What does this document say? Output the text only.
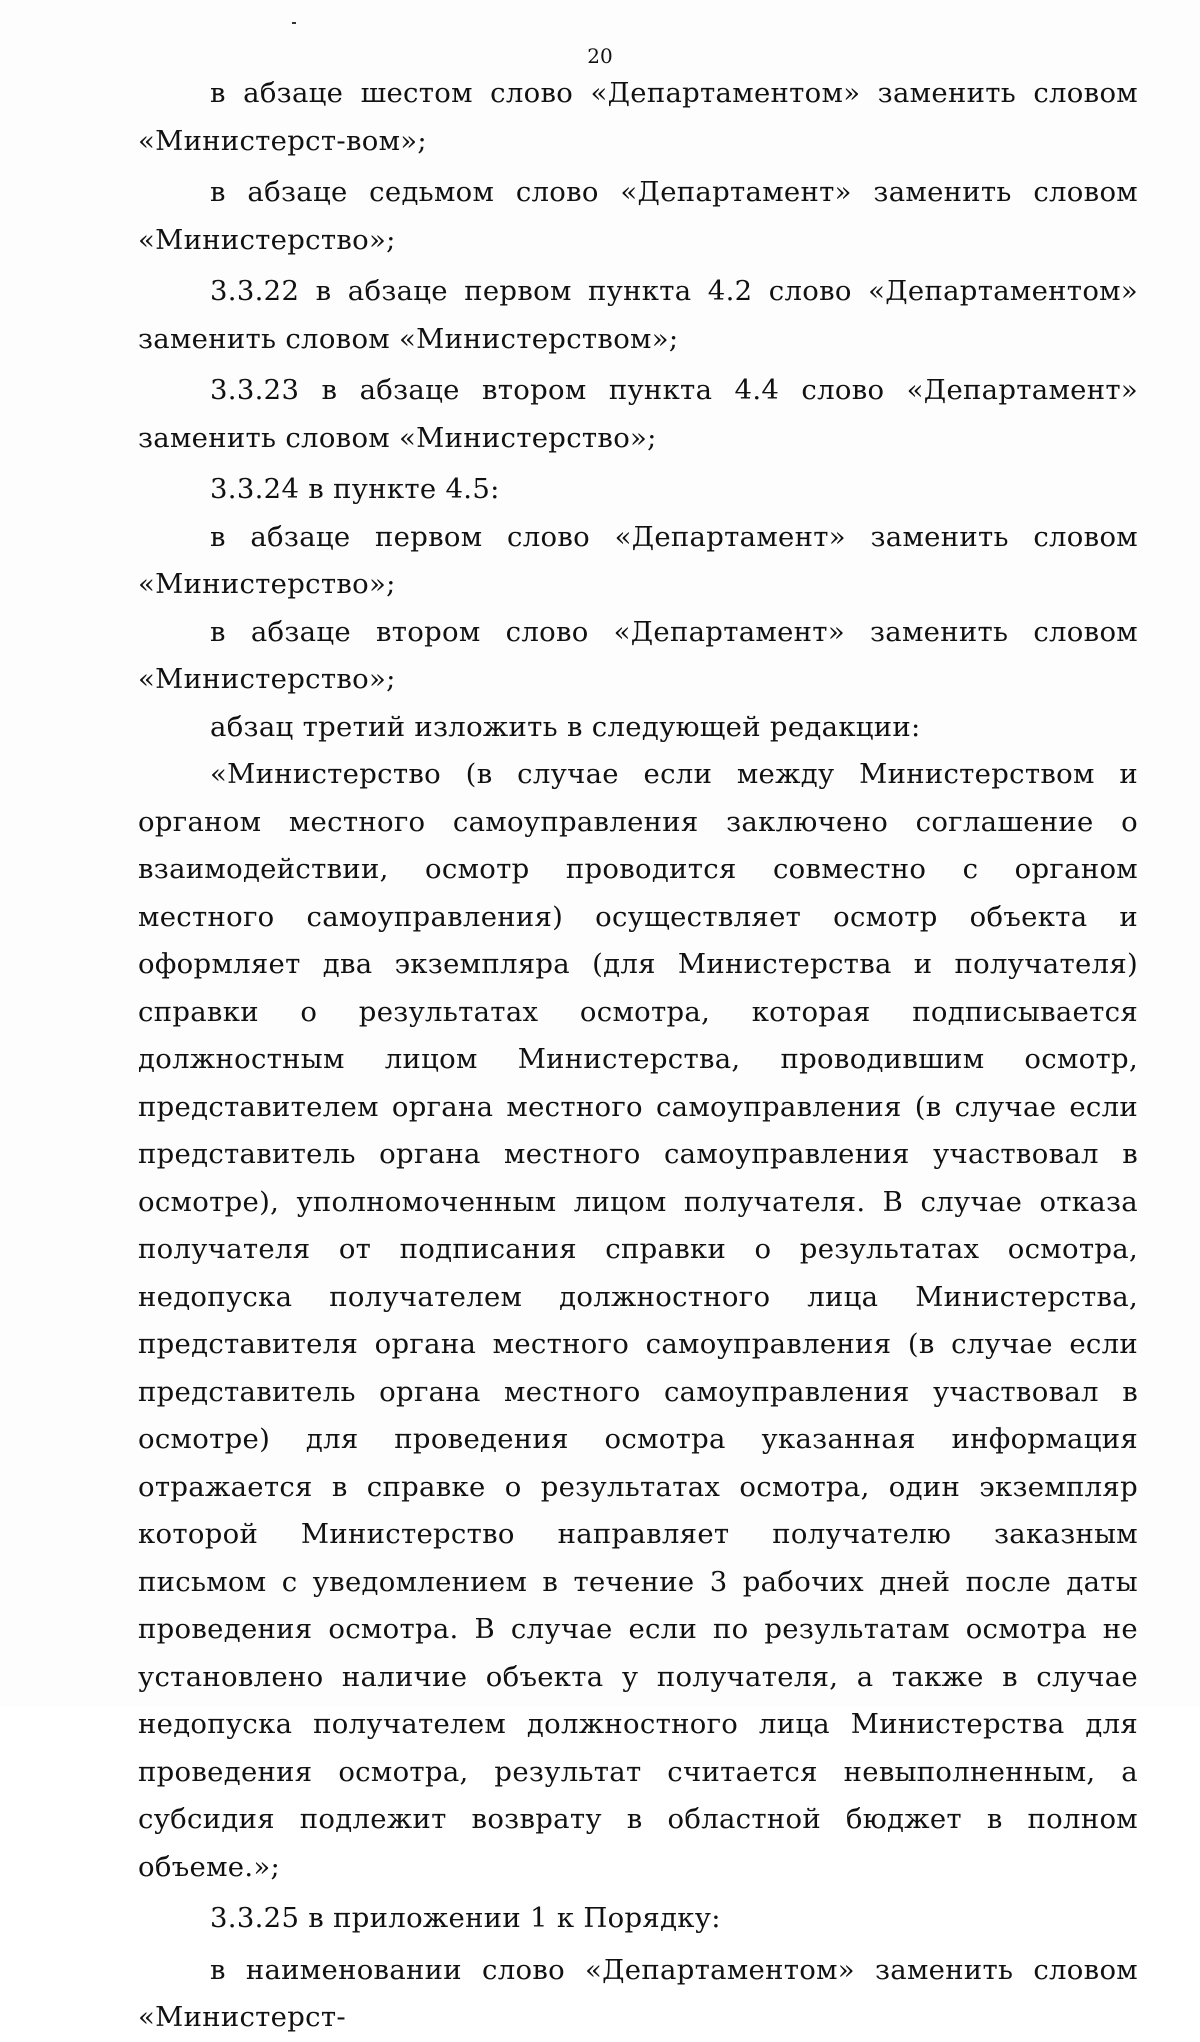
20

в абзаце шестом слово «Департаментом» заменить словом «Министерст-вом»;

в абзаце седьмом слово «Департамент» заменить словом «Министерство»;

3.3.22 в абзаце первом пункта 4.2 слово «Департаментом» заменить словом «Министерством»;

3.3.23 в абзаце втором пункта 4.4 слово «Департамент» заменить словом «Министерство»;

3.3.24 в пункте 4.5:

в абзаце первом слово «Департамент» заменить словом «Министерство»;

в абзаце втором слово «Департамент» заменить словом «Министерство»;

абзац третий изложить в следующей редакции:

«Министерство (в случае если между Министерством и органом местного самоуправления заключено соглашение о взаимодействии, осмотр проводится совместно с органом местного самоуправления) осуществляет осмотр объекта и оформляет два экземпляра (для Министерства и получателя) справки о результатах осмотра, которая подписывается должностным лицом Министерства, проводившим осмотр, представителем органа местного самоуправления (в случае если представитель органа местного самоуправления участвовал в осмотре), уполномоченным лицом получателя. В случае отказа получателя от подписания справки о результатах осмотра, недопуска получателем должностного лица Министерства, представителя органа местного самоуправления (в случае если представитель органа местного самоуправления участвовал в осмотре) для проведения осмотра указанная информация отражается в справке о результатах осмотра, один экземпляр которой Министерство направляет получателю заказным письмом с уведомлением в течение 3 рабочих дней после даты проведения осмотра. В случае если по результатам осмотра не установлено наличие объекта у получателя, а также в случае недопуска получателем должностного лица Министерства для проведения осмотра, результат считается невыполненным, а субсидия подлежит возврату в областной бюджет в полном объеме.»;

3.3.25 в приложении 1 к Порядку:

в наименовании слово «Департаментом» заменить словом «Министерст-
